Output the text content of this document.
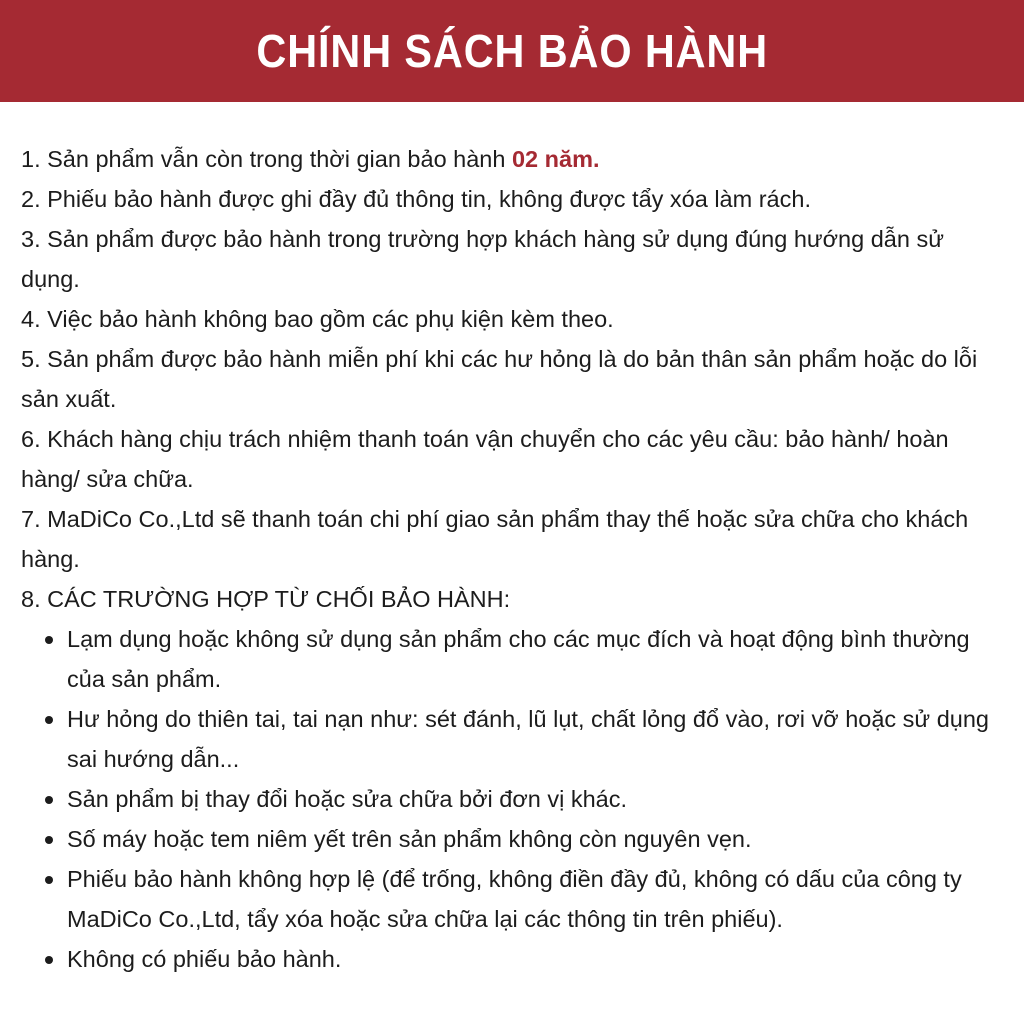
CHÍNH SÁCH BẢO HÀNH

1. Sản phẩm vẫn còn trong thời gian bảo hành 02 năm.

2. Phiếu bảo hành được ghi đầy đủ thông tin, không được tẩy xóa làm rách.

3. Sản phẩm được bảo hành trong trường hợp khách hàng sử dụng đúng hướng dẫn sử dụng.

4. Việc bảo hành không bao gồm các phụ kiện kèm theo.

5. Sản phẩm được bảo hành miễn phí khi các hư hỏng là do bản thân sản phẩm hoặc do lỗi sản xuất.

6. Khách hàng chịu trách nhiệm thanh toán vận chuyển cho các yêu cầu: bảo hành/ hoàn hàng/ sửa chữa.

7. MaDiCo Co.,Ltd sẽ thanh toán chi phí giao sản phẩm thay thế hoặc sửa chữa cho khách hàng.

8. CÁC TRƯỜNG HỢP TỪ CHỐI BẢO HÀNH:

Lạm dụng hoặc không sử dụng sản phẩm cho các mục đích và hoạt động bình thường của sản phẩm.
Hư hỏng do thiên tai, tai nạn như: sét đánh, lũ lụt, chất lỏng đổ vào, rơi vỡ hoặc sử dụng sai hướng dẫn...
Sản phẩm bị thay đổi hoặc sửa chữa bởi đơn vị khác.
Số máy hoặc tem niêm yết trên sản phẩm không còn nguyên vẹn.
Phiếu bảo hành không hợp lệ (để trống, không điền đầy đủ, không có dấu của công ty MaDiCo Co.,Ltd, tẩy xóa hoặc sửa chữa lại các thông tin trên phiếu).
Không có phiếu bảo hành.
